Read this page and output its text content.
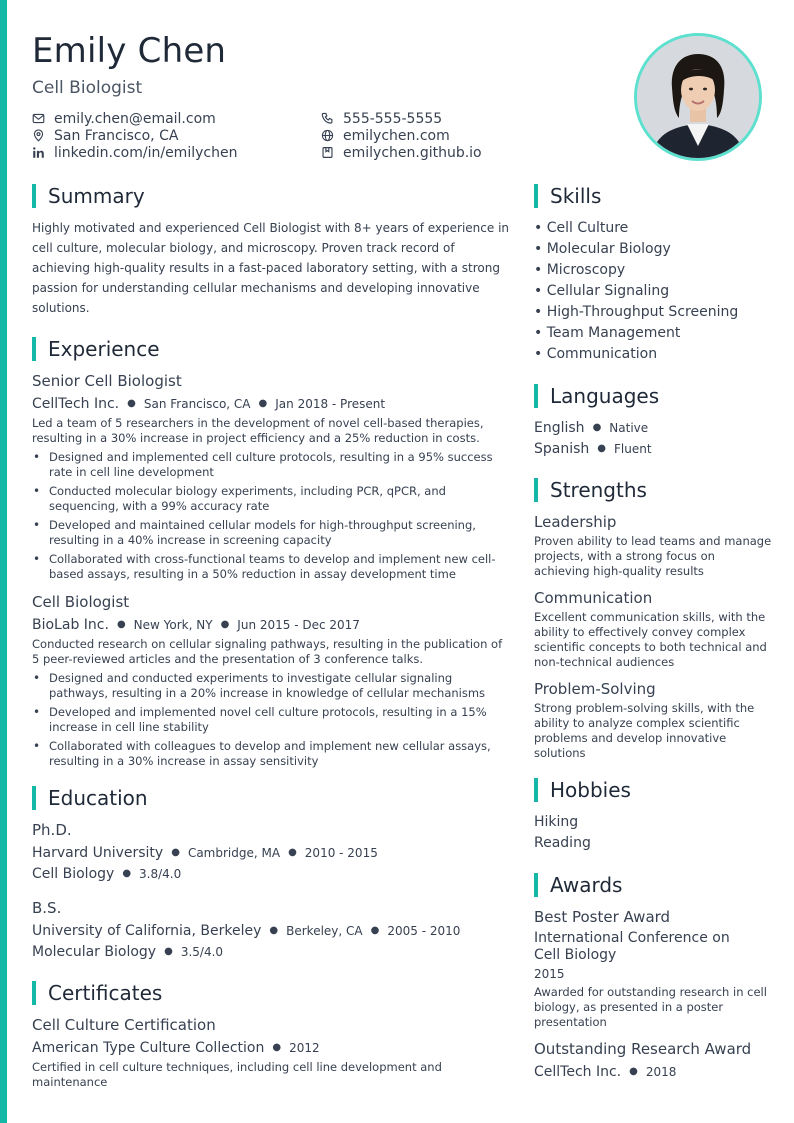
Emily Chen
Cell Biologist
emily.chen@email.com	555-555-5555
San Francisco, CA	emilychen.com
linkedin.com/in/emilychen	emilychen.github.io
Summary
Highly motivated and experienced Cell Biologist with 8+ years of experience in cell culture, molecular biology, and microscopy. Proven track record of achieving high-quality results in a fast-paced laboratory setting, with a strong passion for understanding cellular mechanisms and developing innovative solutions.
Experience
Senior Cell Biologist
CellTech Inc. ● San Francisco, CA ● Jan 2018 - Present
Led a team of 5 researchers in the development of novel cell-based therapies, resulting in a 30% increase in project efficiency and a 25% reduction in costs.
• Designed and implemented cell culture protocols, resulting in a 95% success rate in cell line development
• Conducted molecular biology experiments, including PCR, qPCR, and sequencing, with a 99% accuracy rate
• Developed and maintained cellular models for high-throughput screening, resulting in a 40% increase in screening capacity
• Collaborated with cross-functional teams to develop and implement new cell-based assays, resulting in a 50% reduction in assay development time
Cell Biologist
BioLab Inc. ● New York, NY ● Jun 2015 - Dec 2017
Conducted research on cellular signaling pathways, resulting in the publication of 5 peer-reviewed articles and the presentation of 3 conference talks.
• Designed and conducted experiments to investigate cellular signaling pathways, resulting in a 20% increase in knowledge of cellular mechanisms
• Developed and implemented novel cell culture protocols, resulting in a 15% increase in cell line stability
• Collaborated with colleagues to develop and implement new cellular assays, resulting in a 30% increase in assay sensitivity
Education
Ph.D.
Harvard University ● Cambridge, MA ● 2010 - 2015
Cell Biology ● 3.8/4.0
B.S.
University of California, Berkeley ● Berkeley, CA ● 2005 - 2010
Molecular Biology ● 3.5/4.0
Certificates
Cell Culture Certification
American Type Culture Collection ● 2012
Certified in cell culture techniques, including cell line development and maintenance
Skills
• Cell Culture
• Molecular Biology
• Microscopy• Cellular Signaling
• High-Throughput Screening
• Team Management
• Communication
Languages
English ● Native
Spanish ● Fluent
Strengths
Leadership
Proven ability to lead teams and manage projects, with a strong focus on achieving high-quality results
Communication
Excellent communication skills, with the ability to effectively convey complex scientific concepts to both technical and non-technical audiences
Problem-Solving
Strong problem-solving skills, with the ability to analyze complex scientific problems and develop innovative solutions
Hobbies
Hiking
Reading
Awards
Best Poster Award
International Conference on Cell Biology
2015
Awarded for outstanding research in cell biology, as presented in a poster presentation
Outstanding Research Award
CellTech Inc. ● 2018
